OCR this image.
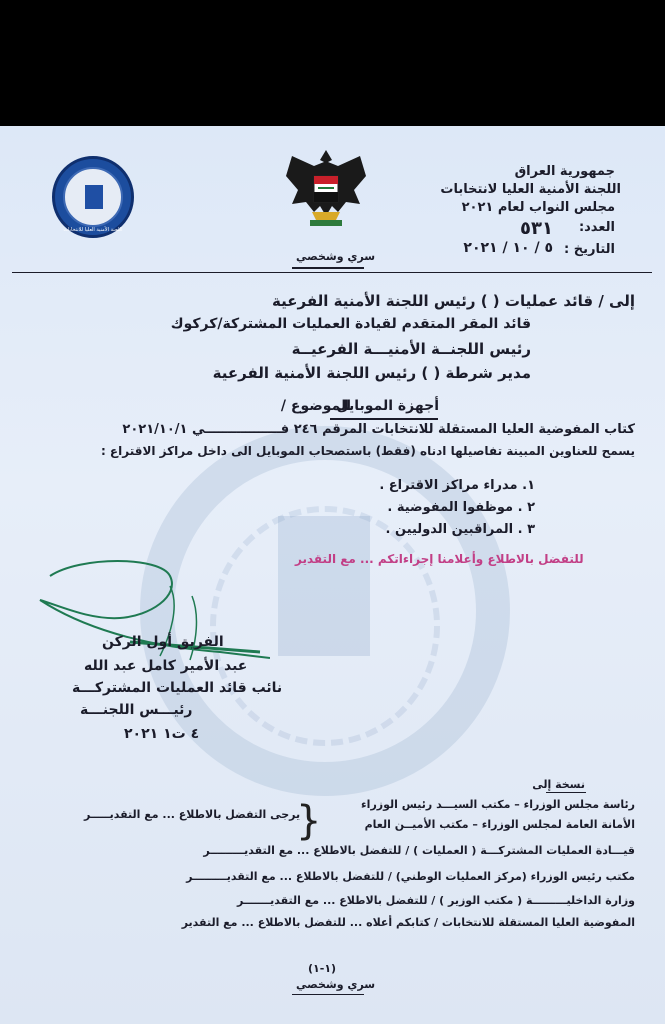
اللجنة الأمنية العليا للانتخابات
سري وشخصي
جمهورية العراق
اللجنة الأمنية العليا لانتخابات
مجلس النواب لعام ٢٠٢١
العدد:
٥٣١
التاريخ :
٥ / ١٠ / ٢٠٢١
إلى / قائد عمليات ( ) رئيس اللجنة الأمنية الفرعية
قائد المقر المتقدم لقيادة العمليات المشتركة/كركوك
رئيس اللجنــة الأمنيـــة الفرعيــة
مدير شرطة ( ) رئيس اللجنة الأمنية الفرعية
الموضوع /
أجهزة الموبايل
كتاب المفوضية العليا المستقلة للانتخابات المرقم ٢٤٦ فـــــــــــــــــي ٢٠٢١/١٠/١
يسمح للعناوين المبينة تفاصيلها ادناه (فقط) باستصحاب الموبايل الى داخل مراكز الاقتراع :
١. مدراء مراكز الاقتراع .
٢ . موظفوا المفوضية .
٣ . المراقبين الدوليين .
للتفضل بالاطلاع وأعلامنا إجراءاتكم ... مع التقدير
الفريق أول الركن
عبد الأمير كامل عبد الله
نائب قائد العمليات المشتركـــة
رئيـــس اللجنـــة
٤ ت١ ٢٠٢١
نسخة إلى
رئاسة مجلس الوزراء – مكتب السيـــد رئيس الوزراء
الأمانة العامة لمجلس الوزراء – مكتب الأميــن العام
}
يرجى التفضل بالاطلاع ... مع التقديـــــر
قيـــادة العمليات المشتركـــة ( العمليات ) / للتفضل بالاطلاع ... مع التقديـــــــــر
مكتب رئيس الوزراء (مركز العمليات الوطني) / للتفضل بالاطلاع ... مع التقديـــــــــر
وزارة الداخليـــــــــة ( مكتب الوزير ) / للتفضل بالاطلاع ... مع التقديـــــــر
المفوضية العليا المستقلة للانتخابات / كتابكم أعلاه ... للتفضل بالاطلاع ... مع التقدير
(١-١)
سري وشخصي
